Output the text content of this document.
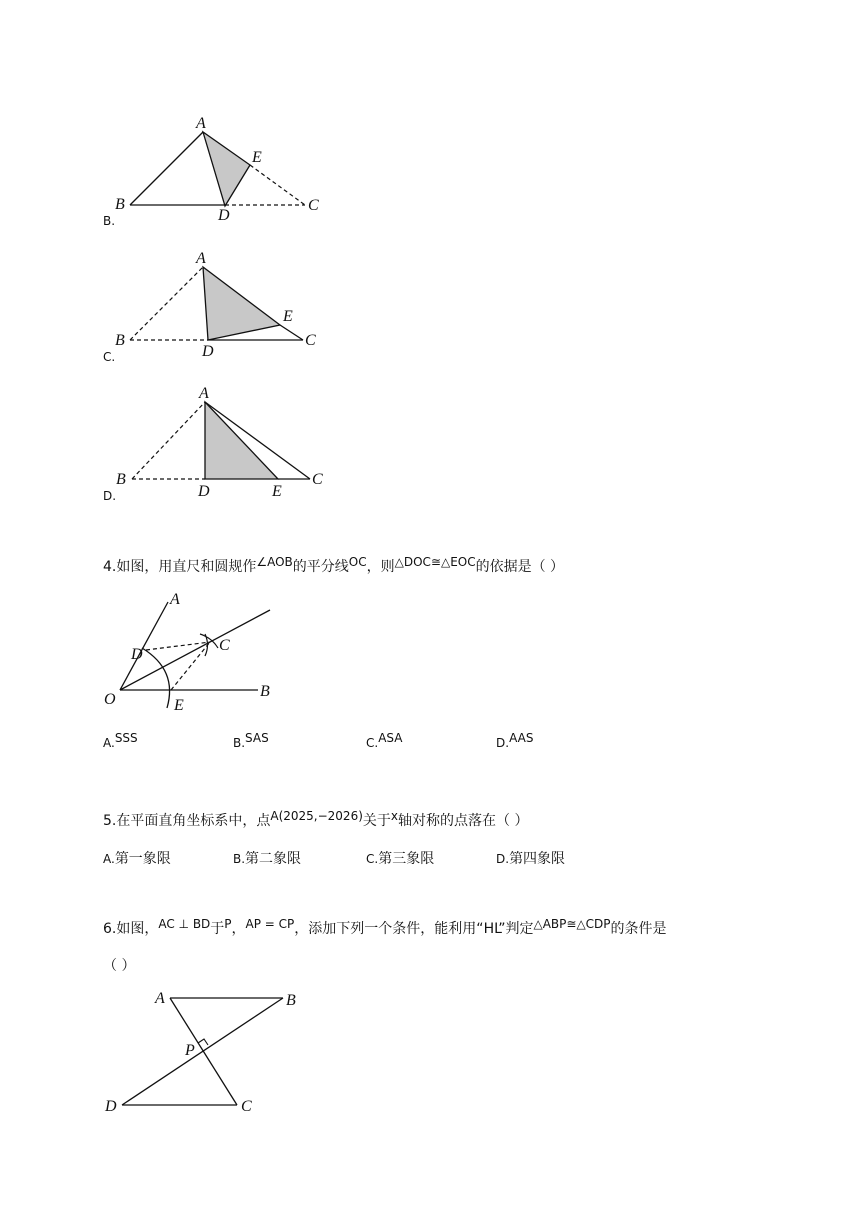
A
B	C
D
E
B.
A
B	C
D
E
C.
A
B	C
D	E
D.
4.如图，用直尺和圆规作∠AOB的平分线OC，则△DOC≅△EOC的依据是（ ）
A
B
C
D
E
O
A.SSS	B.SAS	C.ASA	D.AAS
5.在平面直角坐标系中，点A(2025,−2026)关于x轴对称的点落在（ ）
A.第一象限	B.第二象限	C.第三象限	D.第四象限
6.如图，AC ⊥ BD于P，AP = CP，添加下列一个条件，能利用“HL”判定△ABP≅△CDP的条件是
（ ）
A	B
C
D
P
